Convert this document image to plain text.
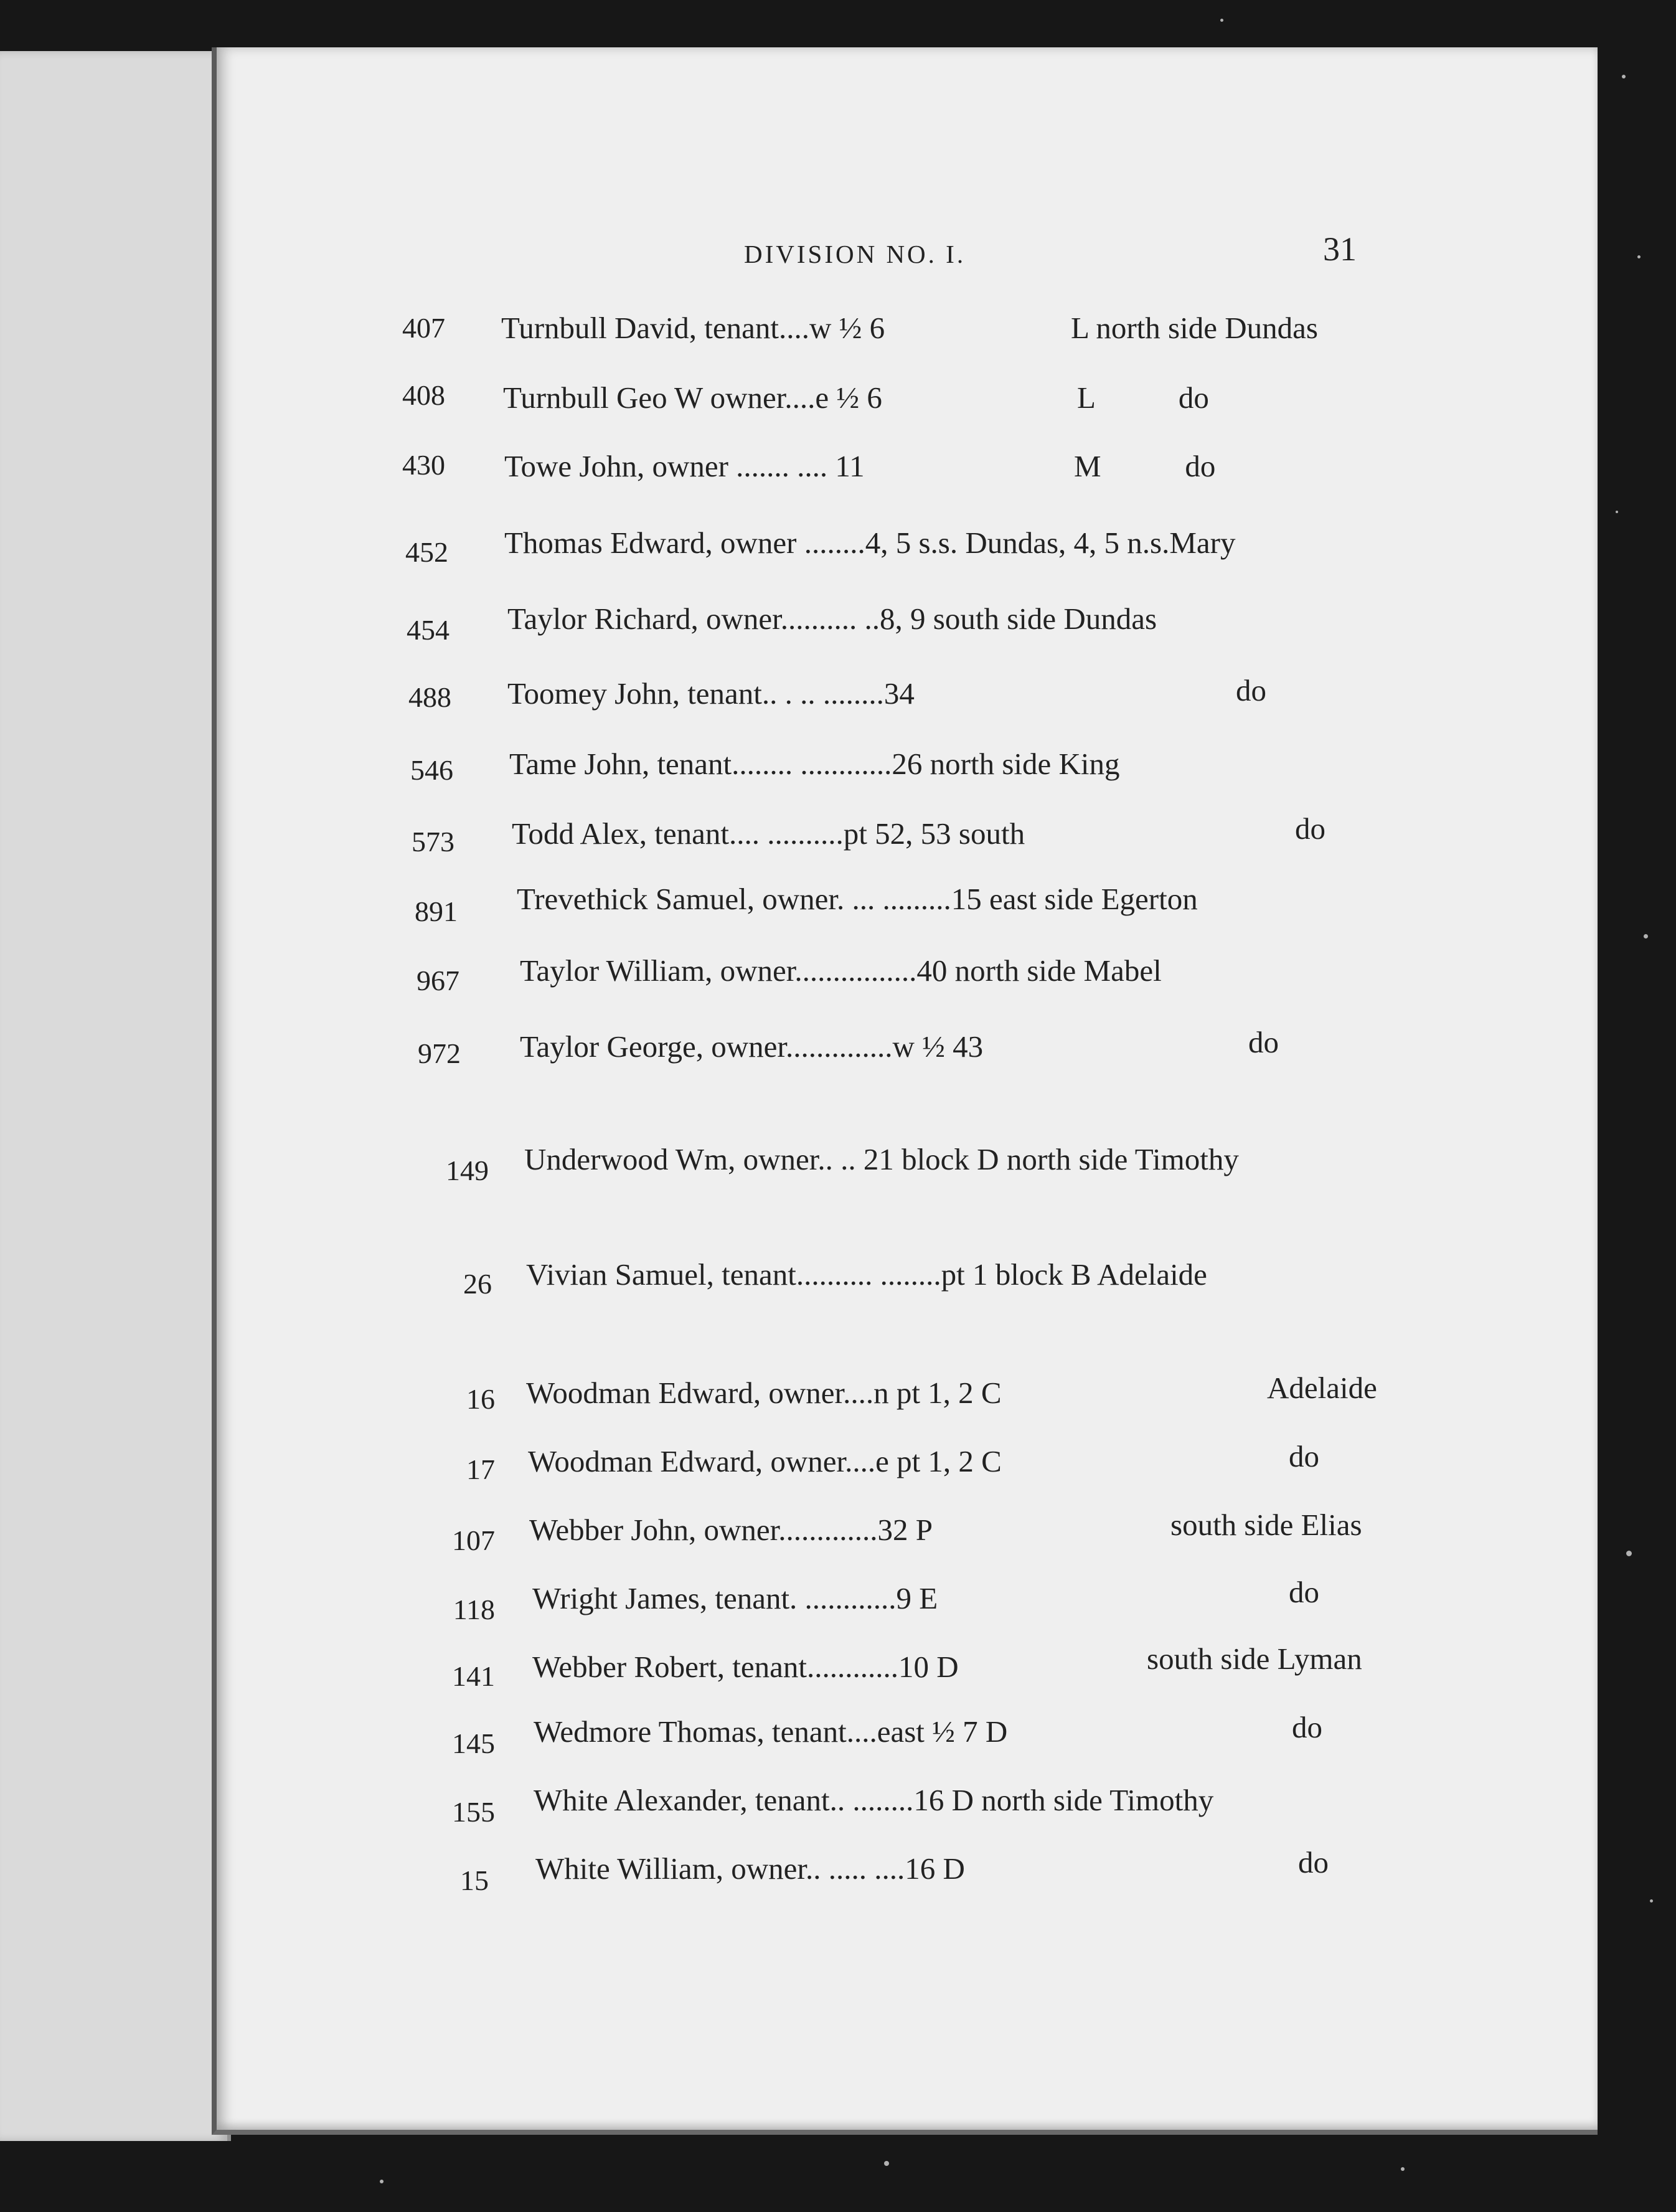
DIVISION NO. I.	31
407 Turnbull David, tenant....w ½ 6	L north side Dundas
408 Turnbull Geo W owner....e ½ 6	L           do
430 Towe John, owner ....... .... 11	M           do
452 Thomas Edward, owner ........4, 5 s.s. Dundas, 4, 5 n.s.Mary
454 Taylor Richard, owner.......... ..8, 9 south side Dundas
488 Toomey John, tenant.. . .. ........34	do
546 Tame John, tenant........ ............26 north side King
573 Todd Alex, tenant.... ..........pt 52, 53 south	do
891 Trevethick Samuel, owner. ... .........15 east side Egerton
967 Taylor William, owner................40 north side Mabel
972 Taylor George, owner..............w ½ 43	do
149 Underwood Wm, owner.. .. 21 block D north side Timothy
26 Vivian Samuel, tenant.......... ........pt 1 block B Adelaide
16 Woodman Edward, owner....n pt 1, 2 C	Adelaide
17 Woodman Edward, owner....e pt 1, 2 C	do
107 Webber John, owner.............32 P	south side Elias
118 Wright James, tenant. ............9 E	do
141 Webber Robert, tenant............10 D	south side Lyman
145 Wedmore Thomas, tenant....east ½ 7 D	do
155 White Alexander, tenant.. ........16 D north side Timothy
15 White William, owner.. ..... ....16 D	do
